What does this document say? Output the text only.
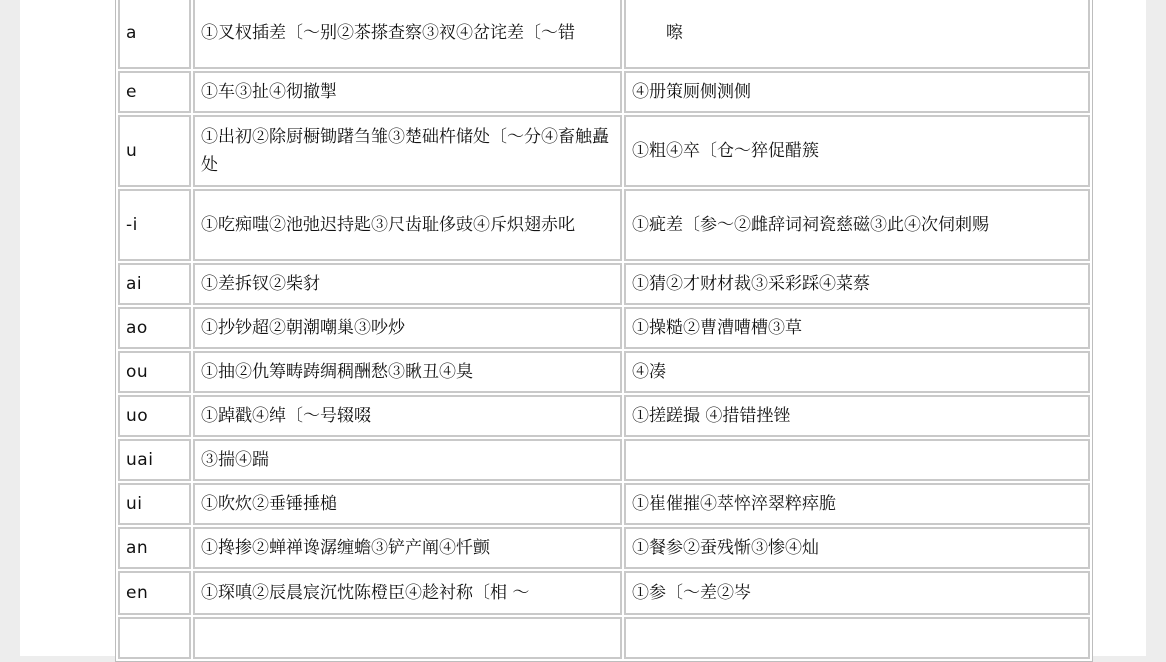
a	①叉杈插差〔～别②茶搽查察③衩④岔诧差〔～错	嚓
e	①车③扯④彻撤掣	④册策厕侧测侧
u	①出初②除厨橱锄躇刍雏③楚础杵储处〔～分④畜触矗处	①粗④卒〔仓～猝促醋簇
-i	①吃痴嗤②池弛迟持匙③尺齿耻侈豉④斥炽翅赤叱	①疵差〔参～②雌辞词祠瓷慈磁③此④次伺刺赐
ai	①差拆钗②柴豺	①猜②才财材裁③采彩踩④菜蔡
ao	①抄钞超②朝潮嘲巢③吵炒	①操糙②曹漕嘈槽③草
ou	①抽②仇筹畴踌绸稠酬愁③瞅丑④臭	④凑
uo	①踔戳④绰〔～号辍啜	①搓蹉撮 ④措错挫锉
uai	③揣④踹	
ui	①吹炊②垂锤捶槌	①崔催摧④萃悴淬翠粹瘁脆
an	①搀掺②蝉禅谗潺缠蟾③铲产阐④忏颤	①餐参②蚕残惭③惨④灿
en	①琛嗔②辰晨宸沉忱陈橙臣④趁衬称〔相 ～	①参〔～差②岑
